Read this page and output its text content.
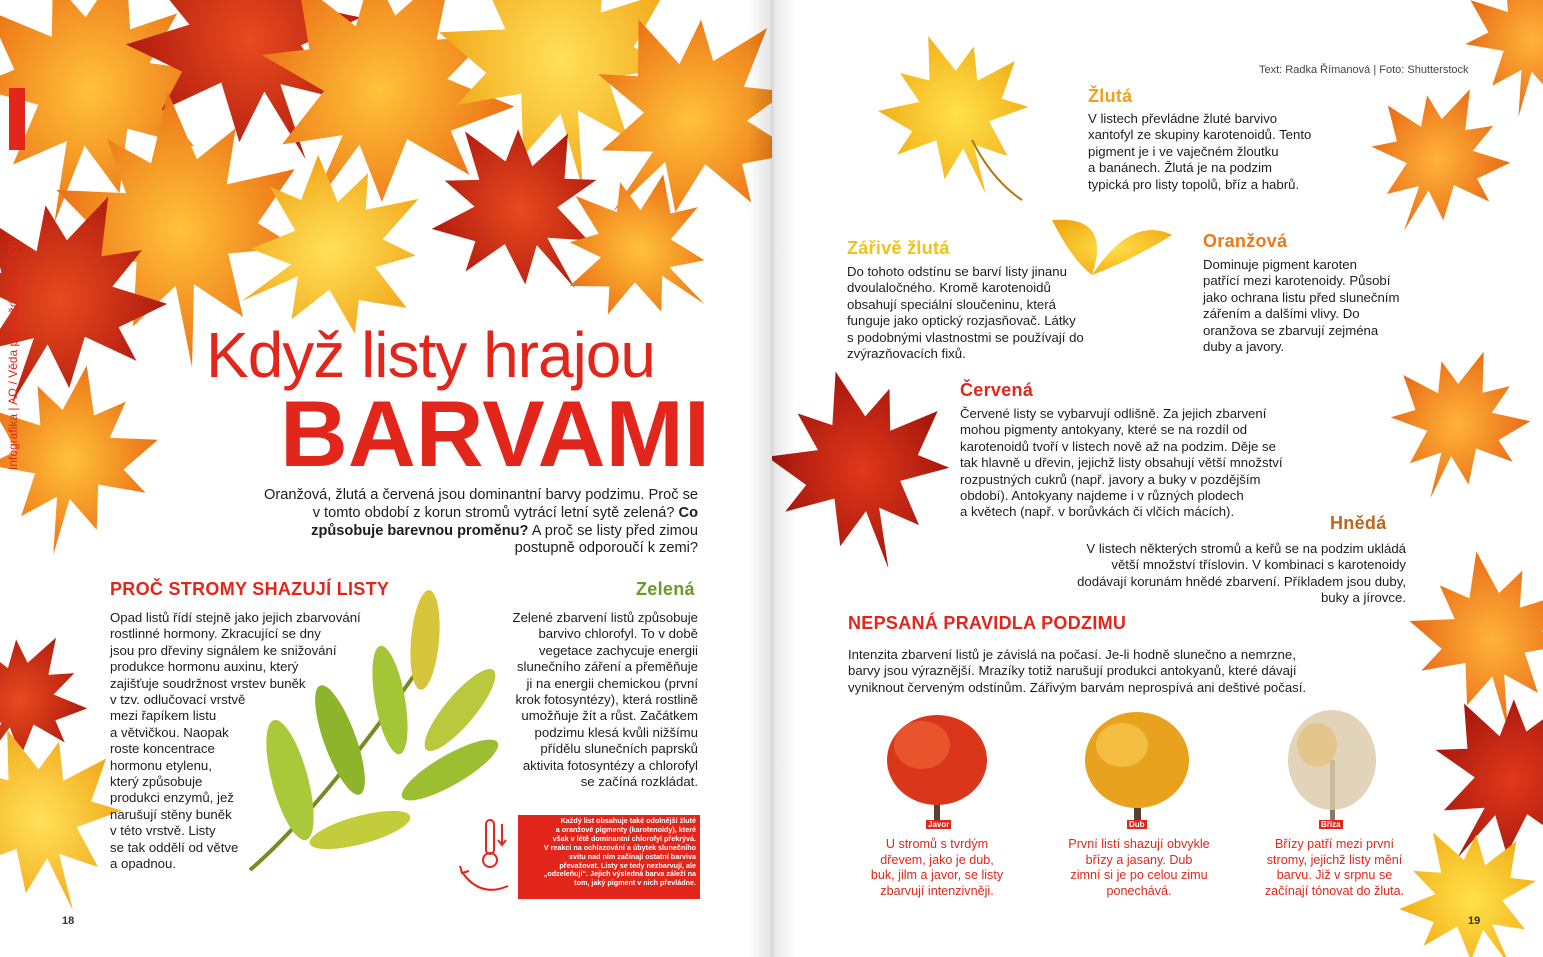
Infografika | AΩ / Věda pro každého 2/2020	Když listy hrajou
BARVAMI
Oranžová, žlutá a červená jsou dominantní barvy podzimu. Proč se v tomto období z korun stromů vytrácí letní sytě zelená? Co způsobuje barevnou proměnu? A proč se listy před zimou postupně odporoučí k zemi?
PROČ STROMY SHAZUJÍ LISTY
Opad listů řídí stejně jako jejich zbarvování
rostlinné hormony. Zkracující se dny
jsou pro dřeviny signálem ke snižování
produkce hormonu auxinu, který
zajišťuje soudržnost vrstev buněk
v tzv. odlučovací vrstvě
mezi řapíkem listu
a větvičkou. Naopak
roste koncentrace
hormonu etylenu,
který způsobuje
produkci enzymů, jež
narušují stěny buněk
v této vrstvě. Listy
se tak oddělí od větve
a opadnou.
Zelená
Zelené zbarvení listů způsobuje
barvivo chlorofyl. To v době
vegetace zachycuje energii
slunečního záření a přeměňuje
ji na energii chemickou (první
krok fotosyntézy), která rostlině
umožňuje žít a růst. Začátkem
podzimu klesá kvůli nižšímu
přídělu slunečních paprsků
aktivita fotosyntézy a chlorofyl
se začíná rozkládat.
Každý list obsahuje také odolnější žluté
a oranžové pigmenty (karotenoidy), které
však v létě dominantní chlorofyl překrývá.
V reakci na ochlazování a úbytek slunečního
svitu nad ním začínají ostatní barviva
převažovat. Listy se tedy nezbarvují, ale
„odzeleňují“. Jejich výsledná barva záleží na
tom, jaký pigment v nich převládne.
18
Text: Radka Římanová | Foto: Shutterstock
Žlutá
V listech převládne žluté barvivo
xantofyl ze skupiny karotenoidů. Tento
pigment je i ve vaječném žloutku
a banánech. Žlutá je na podzim
typická pro listy topolů, bříz a habrů.
Zářivě žlutá
Do tohoto odstínu se barví listy jinanu
dvoulaločného. Kromě karotenoidů
obsahují speciální sloučeninu, která
funguje jako optický rozjasňovač. Látky
s podobnými vlastnostmi se používají do
zvýrazňovacích fixů.
Oranžová
Dominuje pigment karoten
patřící mezi karotenoidy. Působí
jako ochrana listu před slunečním
zářením a dalšími vlivy. Do
oranžova se zbarvují zejména
duby a javory.
Červená
Červené listy se vybarvují odlišně. Za jejich zbarvení
mohou pigmenty antokyany, které se na rozdíl od
karotenoidů tvoří v listech nově až na podzim. Děje se
tak hlavně u dřevin, jejichž listy obsahují větší množství
rozpustných cukrů (např. javory a buky v pozdějším
období). Antokyany najdeme i v různých plodech
a květech (např. v borůvkách či vlčích mácích).
Hnědá
V listech některých stromů a keřů se na podzim ukládá
větší množství tříslovin. V kombinaci s karotenoidy
dodávají korunám hnědé zbarvení. Příkladem jsou duby,
buky a jírovce.
NEPSANÁ PRAVIDLA PODZIMU
Intenzita zbarvení listů je závislá na počasí. Je-li hodně slunečno a nemrzne,
barvy jsou výraznější. Mrazíky totiž narušují produkci antokyanů, které dávají
vyniknout červeným odstínům. Zářivým barvám neprospívá ani deštivé počasí.
Javor	Dub	Bříza
U stromů s tvrdým
dřevem, jako je dub,
buk, jilm a javor, se listy
zbarvují intenzivněji.
První listí shazují obvykle
břízy a jasany. Dub
zimní si je po celou zimu
ponechává.
Břízy patří mezi první
stromy, jejichž listy mění
barvu. Již v srpnu se
začínají tónovat do žluta.
19
